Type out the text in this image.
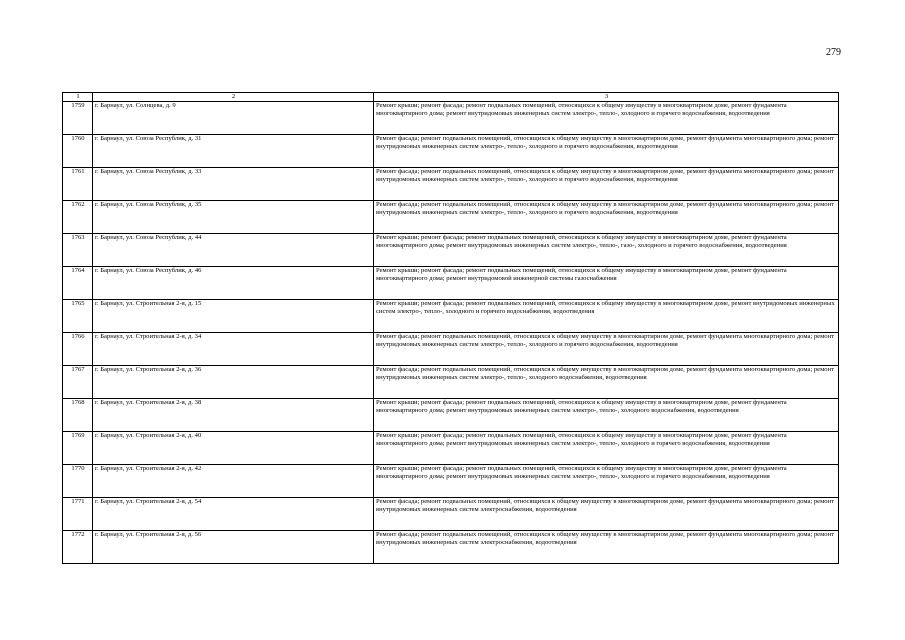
279
1	2	3
1759	г. Барнаул, ул. Солнцева, д. 9	Ремонт крыши; ремонт фасада; ремонт подвальных помещений, относящихся к общему имуществу в многоквартирном доме, ремонт фундамента многоквартирного дома; ремонт внутридомовых инженерных систем электро-, тепло-, холодного и горячего водоснабжения, водоотведения
1760	г. Барнаул, ул. Союза Республик, д. 31	Ремонт фасада; ремонт подвальных помещений, относящихся к общему имуществу в многоквартирном доме, ремонт фундамента многоквартирного дома; ремонт внутридомовых инженерных систем электро-, тепло-, холодного и горячего водоснабжения, водоотведения
1761	г. Барнаул, ул. Союза Республик, д. 33	Ремонт фасада; ремонт подвальных помещений, относящихся к общему имуществу в многоквартирном доме, ремонт фундамента многоквартирного дома; ремонт внутридомовых инженерных систем электро-, тепло-, холодного и горячего водоснабжения, водоотведения
1762	г. Барнаул, ул. Союза Республик, д. 35	Ремонт фасада; ремонт подвальных помещений, относящихся к общему имуществу в многоквартирном доме, ремонт фундамента многоквартирного дома; ремонт внутридомовых инженерных систем электро-, тепло-, холодного и горячего водоснабжения, водоотведения
1763	г. Барнаул, ул. Союза Республик, д. 44	Ремонт крыши; ремонт фасада; ремонт подвальных помещений, относящихся к общему имуществу в многоквартирном доме, ремонт фундамента многоквартирного дома; ремонт внутридомовых инженерных систем электро-, тепло-, газо-, холодного и горячего водоснабжения, водоотведения
1764	г. Барнаул, ул. Союза Республик, д. 46	Ремонт крыши; ремонт фасада; ремонт подвальных помещений, относящихся к общему имуществу в многоквартирном доме, ремонт фундамента многоквартирного дома; ремонт внутридомовой инженерной системы газоснабжения
1765	г. Барнаул, ул. Строительная 2-я, д. 15	Ремонт крыши; ремонт фасада; ремонт подвальных помещений, относящихся к общему имуществу в многоквартирном доме, ремонт внутридомовых инженерных систем электро-, тепло-, холодного и горячего водоснабжения, водоотведения
1766	г. Барнаул, ул. Строительная 2-я, д. 34	Ремонт фасада; ремонт подвальных помещений, относящихся к общему имуществу в многоквартирном доме, ремонт фундамента многоквартирного дома; ремонт внутридомовых инженерных систем электро-, тепло-, холодного и горячего водоснабжения, водоотведения
1767	г. Барнаул, ул. Строительная 2-я, д. 36	Ремонт фасада; ремонт подвальных помещений, относящихся к общему имуществу в многоквартирном доме, ремонт фундамента многоквартирного дома; ремонт внутридомовых инженерных систем электро-, тепло-, холодного водоснабжения, водоотведения
1768	г. Барнаул, ул. Строительная 2-я, д. 38	Ремонт крыши; ремонт фасада; ремонт подвальных помещений, относящихся к общему имуществу в многоквартирном доме, ремонт фундамента многоквартирного дома; ремонт внутридомовых инженерных систем электро-, тепло-, холодного водоснабжения, водоотведения
1769	г. Барнаул, ул. Строительная 2-я, д. 40	Ремонт крыши; ремонт фасада; ремонт подвальных помещений, относящихся к общему имуществу в многоквартирном доме, ремонт фундамента многоквартирного дома; ремонт внутридомовых инженерных систем электро-, тепло-, холодного и горячего водоснабжения, водоотведения
1770	г. Барнаул, ул. Строительная 2-я, д. 42	Ремонт крыши; ремонт фасада; ремонт подвальных помещений, относящихся к общему имуществу в многоквартирном доме, ремонт фундамента многоквартирного дома; ремонт внутридомовых инженерных систем электро-, тепло-, холодного и горячего водоснабжения, водоотведения
1771	г. Барнаул, ул. Строительная 2-я, д. 54	Ремонт фасада; ремонт подвальных помещений, относящихся к общему имуществу в многоквартирном доме, ремонт фундамента многоквартирного дома; ремонт внутридомовых инженерных систем электроснабжения, водоотведения
1772	г. Барнаул, ул. Строительная 2-я, д. 56	Ремонт фасада; ремонт подвальных помещений, относящихся к общему имуществу в многоквартирном доме, ремонт фундамента многоквартирного дома; ремонт внутридомовых инженерных систем электроснабжения, водоотведения
